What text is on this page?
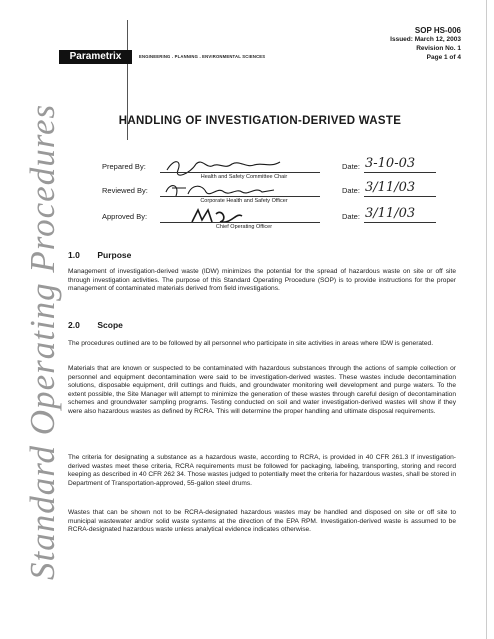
Parametrix	ENGINEERING . PLANNING . ENVIRONMENTAL SCIENCES
SOP HS-006
Issued: March 12, 2003
Revision No. 1
Page 1 of 4
Standard Operating Procedures	HANDLING OF INVESTIGATION-DERIVED WASTE
Prepared By:
Health and Safety Committee Chair
Date: 3-10-03
Reviewed By:
Corporate Health and Safety Officer
Date: 3/11/03
Approved By:
Chief Operating Officer
Date: 3/11/03
1.0 Purpose
Management of investigation-derived waste (IDW) minimizes the potential for the spread of hazardous waste on site or off site through investigation activities. The purpose of this Standard Operating Procedure (SOP) is to provide instructions for the proper management of contaminated materials derived from field investigations.
2.0 Scope
The procedures outlined are to be followed by all personnel who participate in site activities in areas where IDW is generated.
Materials that are known or suspected to be contaminated with hazardous substances through the actions of sample collection or personnel and equipment decontamination were said to be investigation-derived wastes. These wastes include decontamination solutions, disposable equipment, drill cuttings and fluids, and groundwater monitoring well development and purge waters. To the extent possible, the Site Manager will attempt to minimize the generation of these wastes through careful design of decontamination schemes and groundwater sampling programs. Testing conducted on soil and water investigation-derived wastes will show if they were also hazardous wastes as defined by RCRA. This will determine the proper handling and ultimate disposal requirements.
The criteria for designating a substance as a hazardous waste, according to RCRA, is provided in 40 CFR 261.3 If investigation-derived wastes meet these criteria, RCRA requirements must be followed for packaging, labeling, transporting, storing and record keeping as described in 40 CFR 262 34. Those wastes judged to potentially meet the criteria for hazardous wastes, shall be stored in Department of Transportation-approved, 55-gallon steel drums.
Wastes that can be shown not to be RCRA-designated hazardous wastes may be handled and disposed on site or off site to municipal wastewater and/or solid waste systems at the direction of the EPA RPM. Investigation-derived waste is assumed to be RCRA-designated hazardous waste unless analytical evidence indicates otherwise.
